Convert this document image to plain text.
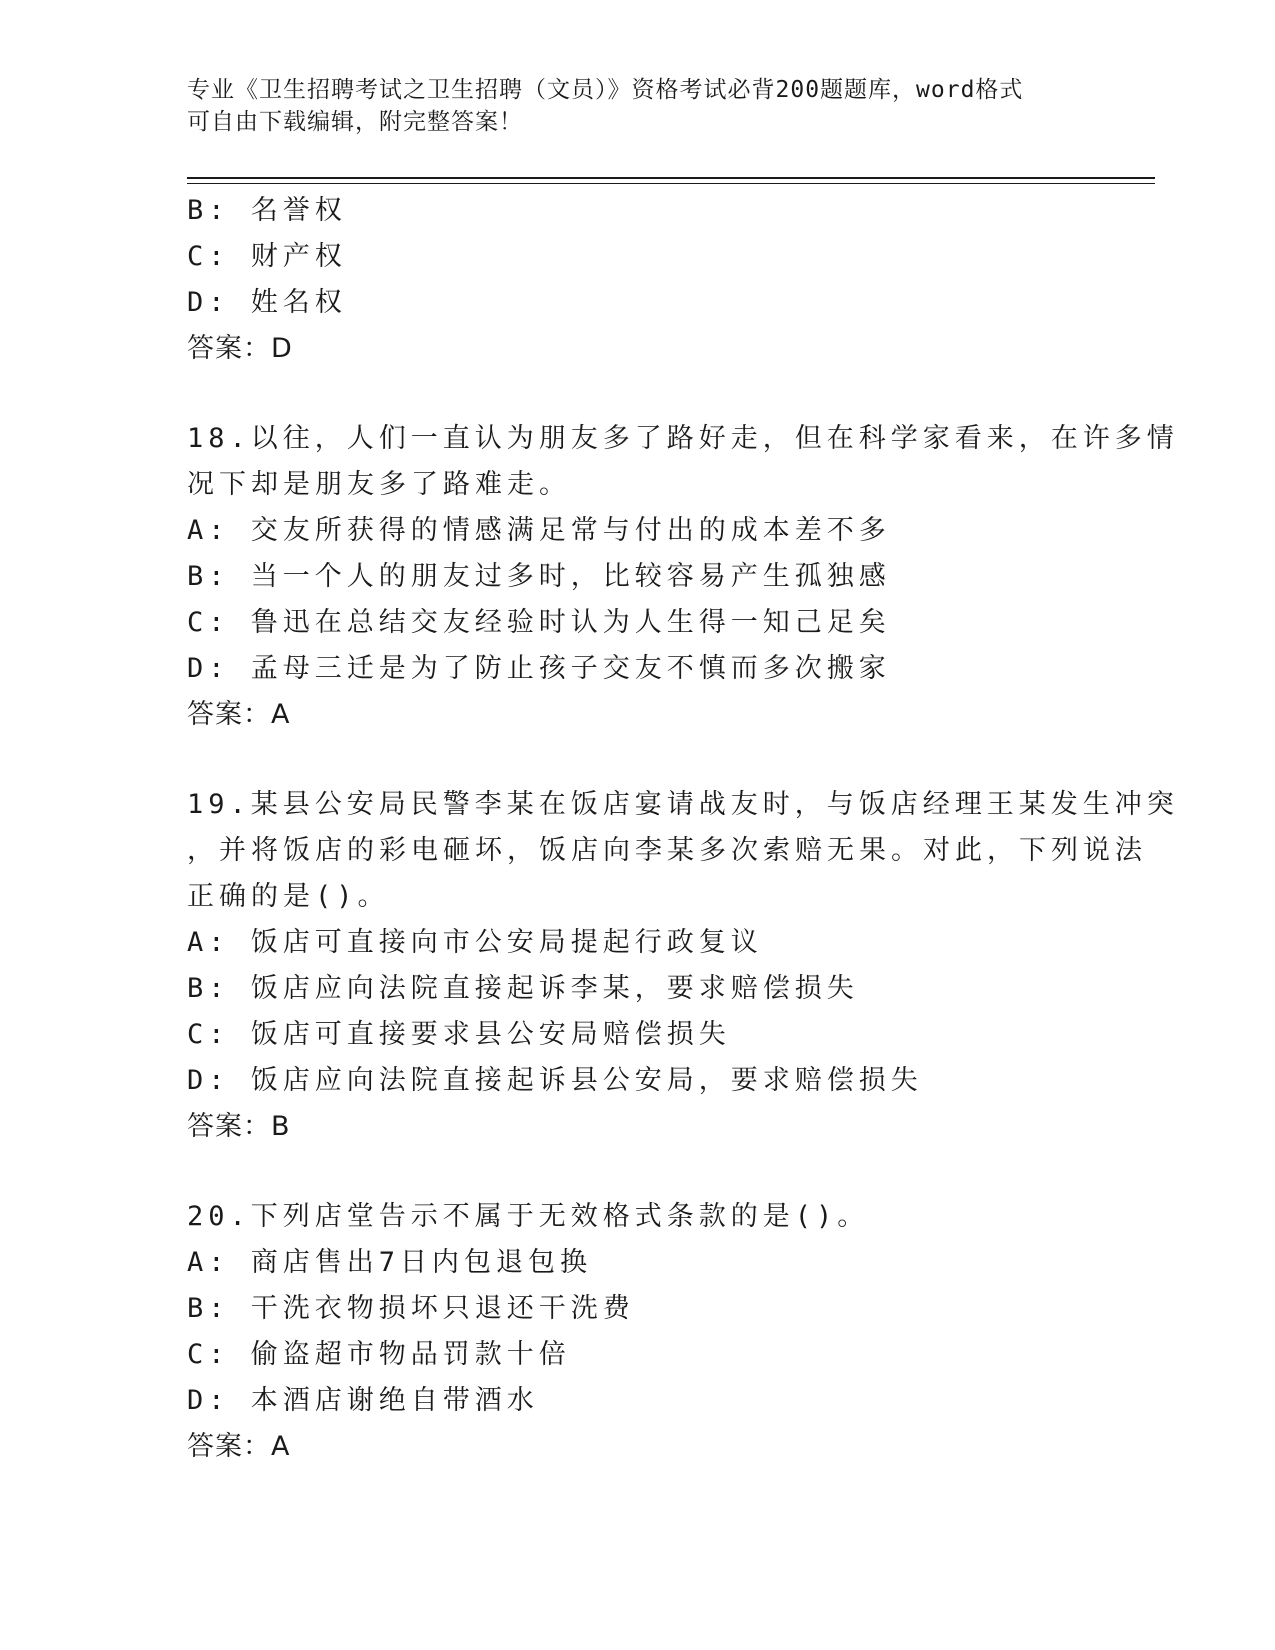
专业《卫生招聘考试之卫生招聘（文员）》资格考试必背200题题库，word格式
可自由下载编辑，附完整答案！
B: 名誉权
C: 财产权
D: 姓名权
答案：D
18.以往，人们一直认为朋友多了路好走，但在科学家看来，在许多情
况下却是朋友多了路难走。
A: 交友所获得的情感满足常与付出的成本差不多
B: 当一个人的朋友过多时，比较容易产生孤独感
C: 鲁迅在总结交友经验时认为人生得一知己足矣
D: 孟母三迁是为了防止孩子交友不慎而多次搬家
答案：A
19.某县公安局民警李某在饭店宴请战友时，与饭店经理王某发生冲突
，并将饭店的彩电砸坏，饭店向李某多次索赔无果。对此，下列说法
正确的是()。
A: 饭店可直接向市公安局提起行政复议
B: 饭店应向法院直接起诉李某，要求赔偿损失
C: 饭店可直接要求县公安局赔偿损失
D: 饭店应向法院直接起诉县公安局，要求赔偿损失
答案：B
20.下列店堂告示不属于无效格式条款的是()。
A: 商店售出7日内包退包换
B: 干洗衣物损坏只退还干洗费
C: 偷盗超市物品罚款十倍
D: 本酒店谢绝自带酒水
答案：A
